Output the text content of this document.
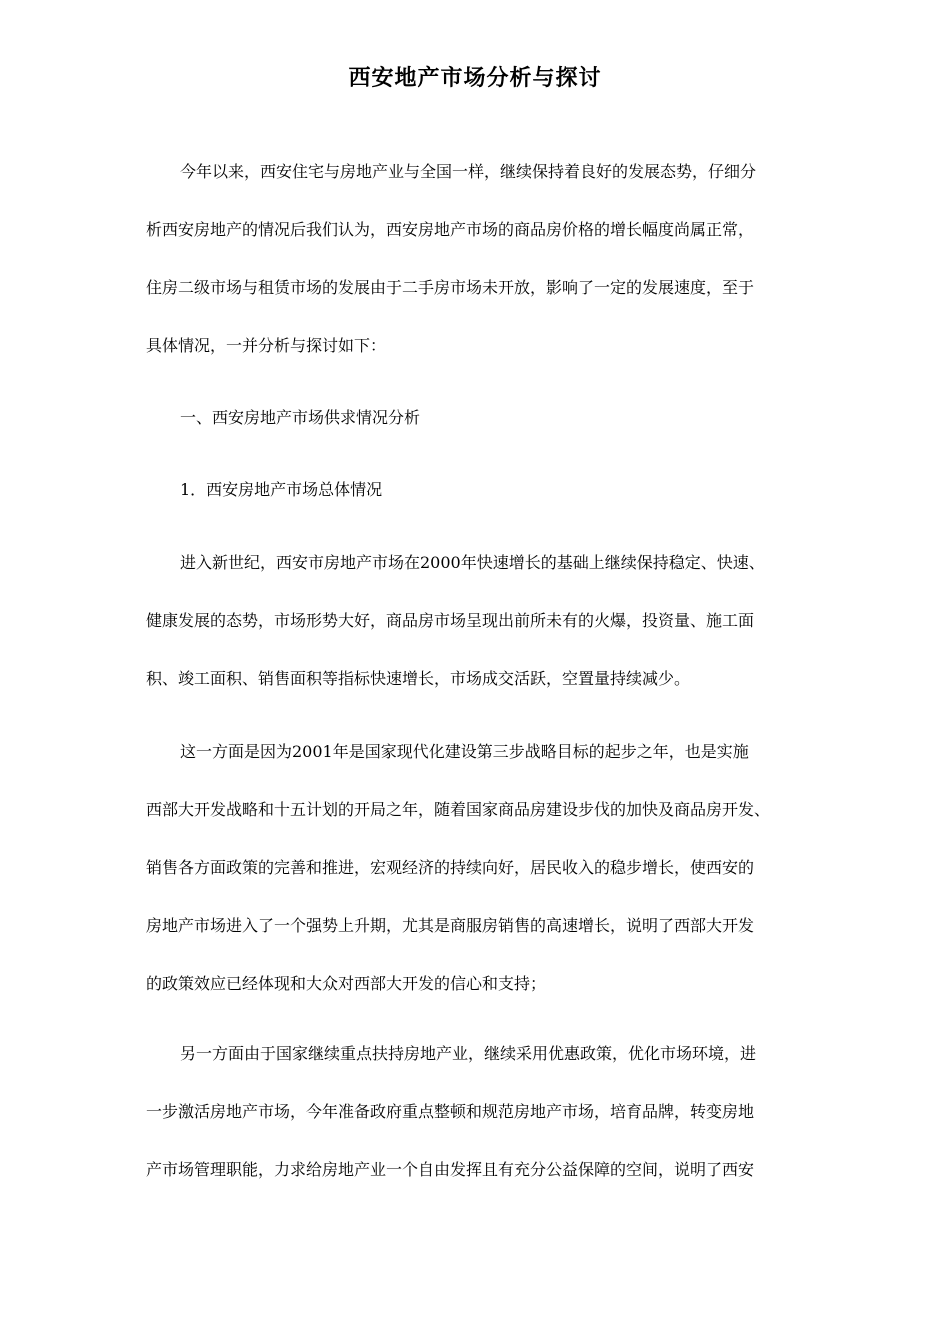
西安地产市场分析与探讨
今年以来，西安住宅与房地产业与全国一样，继续保持着良好的发展态势，仔细分
析西安房地产的情况后我们认为，西安房地产市场的商品房价格的增长幅度尚属正常，
住房二级市场与租赁市场的发展由于二手房市场未开放，影响了一定的发展速度，至于
具体情况，一并分析与探讨如下：
一、西安房地产市场供求情况分析
1．西安房地产市场总体情况
进入新世纪，西安市房地产市场在2000年快速增长的基础上继续保持稳定、快速、
健康发展的态势，市场形势大好，商品房市场呈现出前所未有的火爆，投资量、施工面
积、竣工面积、销售面积等指标快速增长，市场成交活跃，空置量持续减少。
这一方面是因为2001年是国家现代化建设第三步战略目标的起步之年，也是实施
西部大开发战略和十五计划的开局之年，随着国家商品房建设步伐的加快及商品房开发、
销售各方面政策的完善和推进，宏观经济的持续向好，居民收入的稳步增长，使西安的
房地产市场进入了一个强势上升期，尤其是商服房销售的高速增长，说明了西部大开发
的政策效应已经体现和大众对西部大开发的信心和支持；
另一方面由于国家继续重点扶持房地产业，继续采用优惠政策，优化市场环境，进
一步激活房地产市场，今年准备政府重点整顿和规范房地产市场，培育品牌，转变房地
产市场管理职能，力求给房地产业一个自由发挥且有充分公益保障的空间，说明了西安
